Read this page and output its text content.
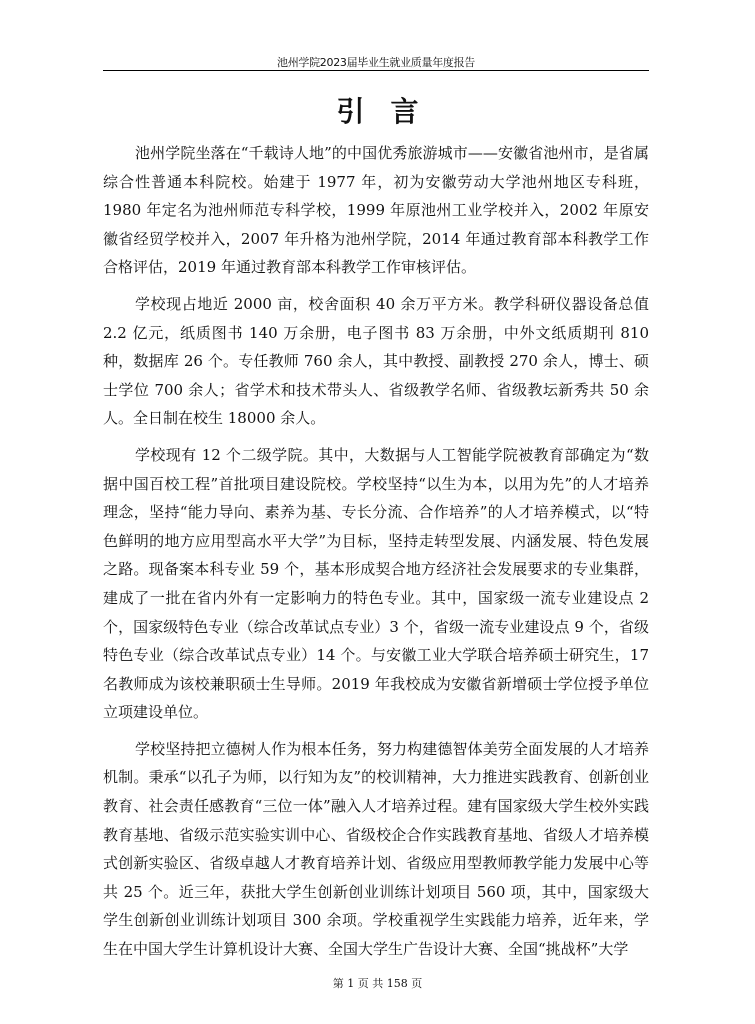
池州学院2023届毕业生就业质量年度报告
引言

池州学院坐落在“千载诗人地”的中国优秀旅游城市——安徽省池州市，是省属综合性普通本科院校。始建于 1977 年，初为安徽劳动大学池州地区专科班，1980 年定名为池州师范专科学校，1999 年原池州工业学校并入，2002 年原安徽省经贸学校并入，2007 年升格为池州学院，2014 年通过教育部本科教学工作合格评估，2019 年通过教育部本科教学工作审核评估。

学校现占地近 2000 亩，校舍面积 40 余万平方米。教学科研仪器设备总值 2.2 亿元，纸质图书 140 万余册，电子图书 83 万余册，中外文纸质期刊 810 种，数据库 26 个。专任教师 760 余人，其中教授、副教授 270 余人，博士、硕士学位 700 余人；省学术和技术带头人、省级教学名师、省级教坛新秀共 50 余人。全日制在校生 18000 余人。

学校现有 12 个二级学院。其中，大数据与人工智能学院被教育部确定为“数据中国百校工程”首批项目建设院校。学校坚持“以生为本，以用为先”的人才培养理念，坚持“能力导向、素养为基、专长分流、合作培养”的人才培养模式，以“特色鲜明的地方应用型高水平大学”为目标，坚持走转型发展、内涵发展、特色发展之路。现备案本科专业 59 个，基本形成契合地方经济社会发展要求的专业集群，建成了一批在省内外有一定影响力的特色专业。其中，国家级一流专业建设点 2 个，国家级特色专业（综合改革试点专业）3 个，省级一流专业建设点 9 个，省级特色专业（综合改革试点专业）14 个。与安徽工业大学联合培养硕士研究生，17 名教师成为该校兼职硕士生导师。2019 年我校成为安徽省新增硕士学位授予单位立项建设单位。

学校坚持把立德树人作为根本任务，努力构建德智体美劳全面发展的人才培养机制。秉承“以孔子为师，以行知为友”的校训精神，大力推进实践教育、创新创业教育、社会责任感教育“三位一体”融入人才培养过程。建有国家级大学生校外实践教育基地、省级示范实验实训中心、省级校企合作实践教育基地、省级人才培养模式创新实验区、省级卓越人才教育培养计划、省级应用型教师教学能力发展中心等共 25 个。近三年，获批大学生创新创业训练计划项目 560 项，其中，国家级大学生创新创业训练计划项目 300 余项。学校重视学生实践能力培养，近年来，学生在中国大学生计算机设计大赛、全国大学生广告设计大赛、全国“挑战杯”大学

第 1 页 共 158 页
